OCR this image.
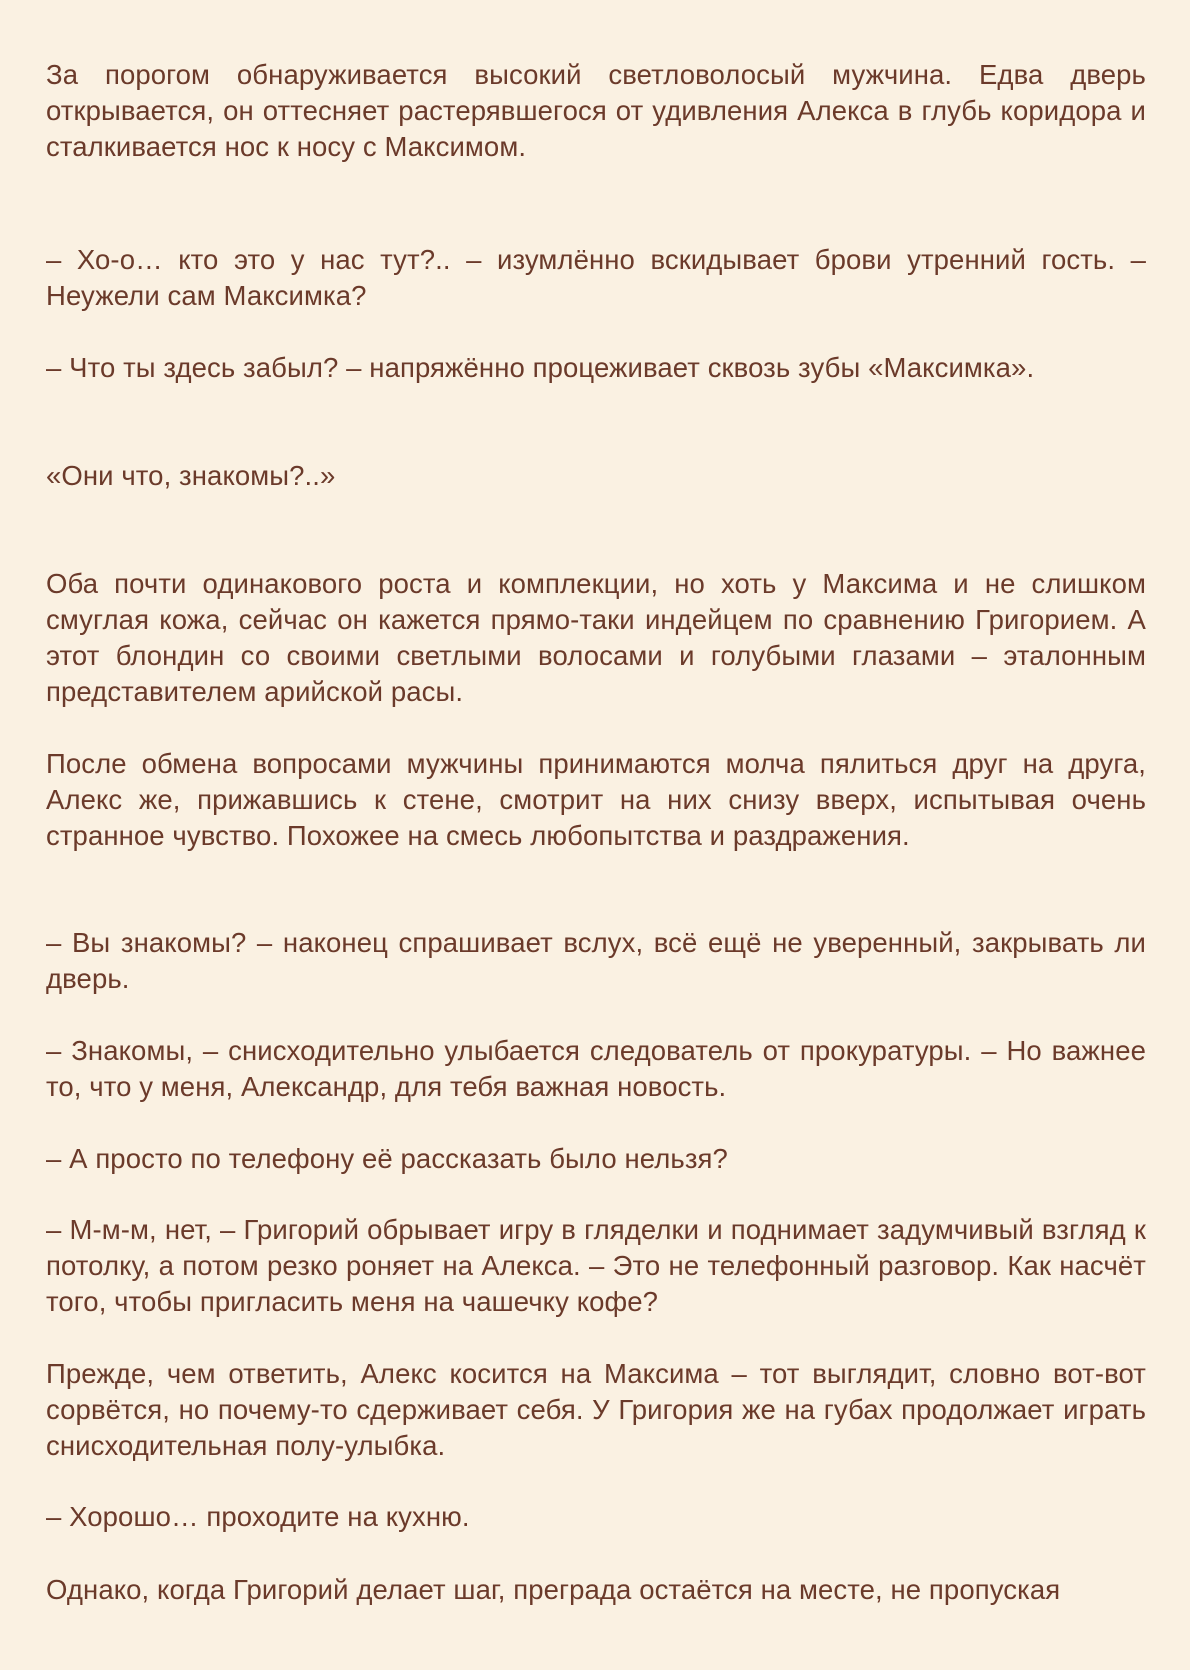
За порогом обнаруживается высокий светловолосый мужчина. Едва дверь открывается, он оттесняет растерявшегося от удивления Алекса в глубь коридора и сталкивается нос к носу с Максимом.

– Хо-о… кто это у нас тут?.. – изумлённо вскидывает брови утренний гость. – Неужели сам Максимка?

– Что ты здесь забыл? – напряжённо процеживает сквозь зубы «Максимка».

«Они что, знакомы?..»

Оба почти одинакового роста и комплекции, но хоть у Максима и не слишком смуглая кожа, сейчас он кажется прямо-таки индейцем по сравнению Григорием. А этот блондин со своими светлыми волосами и голубыми глазами – эталонным представителем арийской расы.

После обмена вопросами мужчины принимаются молча пялиться друг на друга, Алекс же, прижавшись к стене, смотрит на них снизу вверх, испытывая очень странное чувство. Похожее на смесь любопытства и раздражения.

– Вы знакомы? – наконец спрашивает вслух, всё ещё не уверенный, закрывать ли дверь.

– Знакомы, – снисходительно улыбается следователь от прокуратуры. – Но важнее то, что у меня, Александр, для тебя важная новость.

– А просто по телефону её рассказать было нельзя?

– М-м-м, нет, – Григорий обрывает игру в гляделки и поднимает задумчивый взгляд к потолку, а потом резко роняет на Алекса. – Это не телефонный разговор. Как насчёт того, чтобы пригласить меня на чашечку кофе?

Прежде, чем ответить, Алекс косится на Максима – тот выглядит, словно вот-вот сорвётся, но почему-то сдерживает себя. У Григория же на губах продолжает играть снисходительная полу-улыбка.

– Хорошо… проходите на кухню.

Однако, когда Григорий делает шаг, преграда остаётся на месте, не пропуская
